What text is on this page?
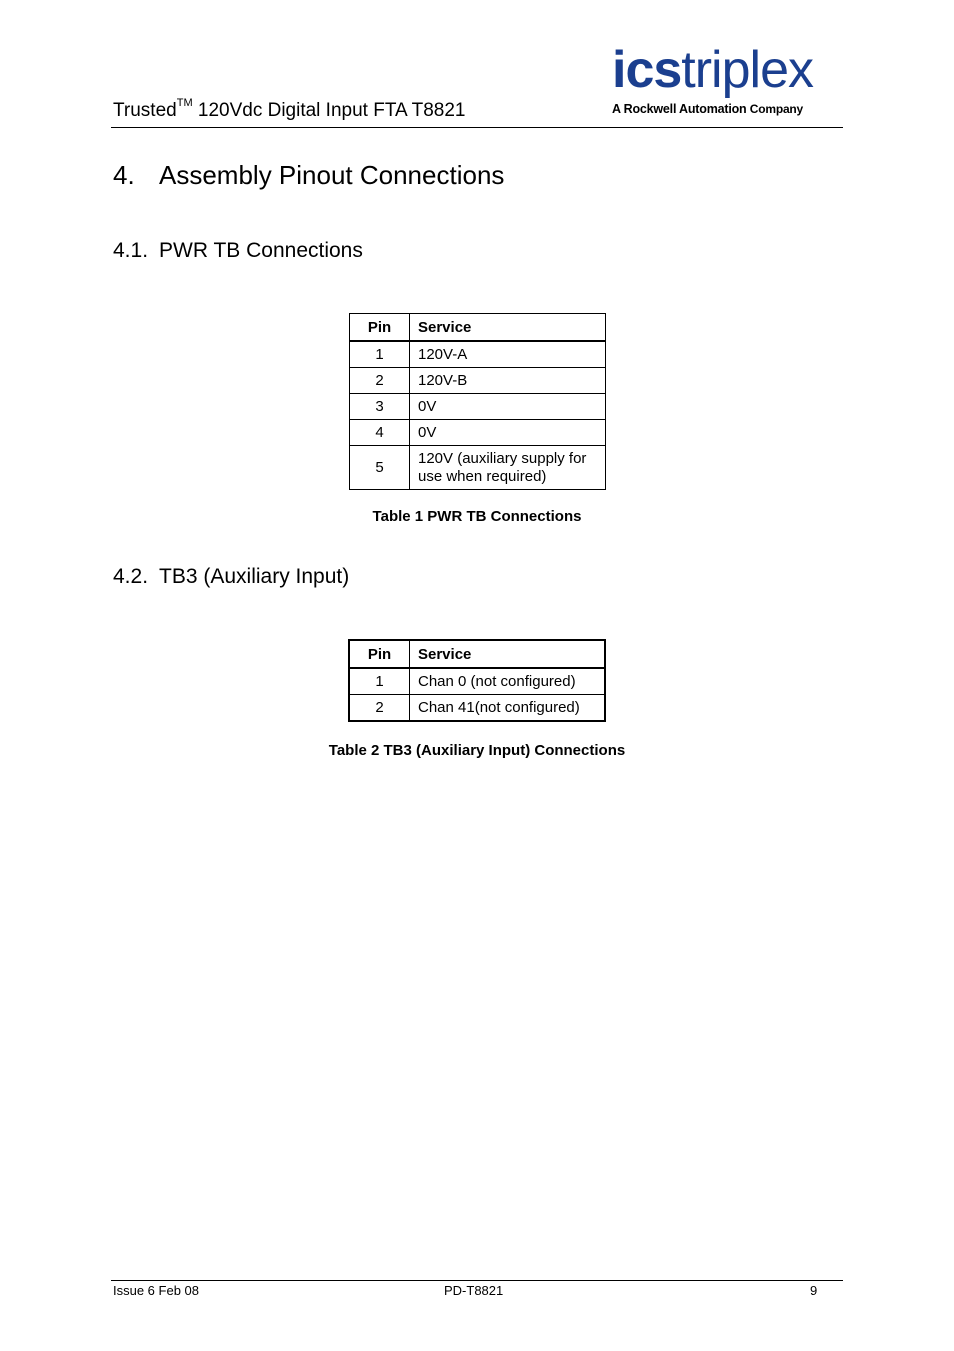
Trusted™ 120Vdc Digital Input FTA T8821
icstriplex
A Rockwell Automation Company
4. Assembly Pinout Connections
4.1. PWR TB Connections
Pin	Service
1	120V-A
2	120V-B
3	0V
4	0V
5	120V (auxiliary supply for use when required)
Table 1 PWR TB Connections
4.2. TB3 (Auxiliary Input)
Pin	Service
1	Chan 0 (not configured)
2	Chan 41(not configured)
Table 2 TB3 (Auxiliary Input) Connections
Issue 6 Feb 08	PD-T8821	9
